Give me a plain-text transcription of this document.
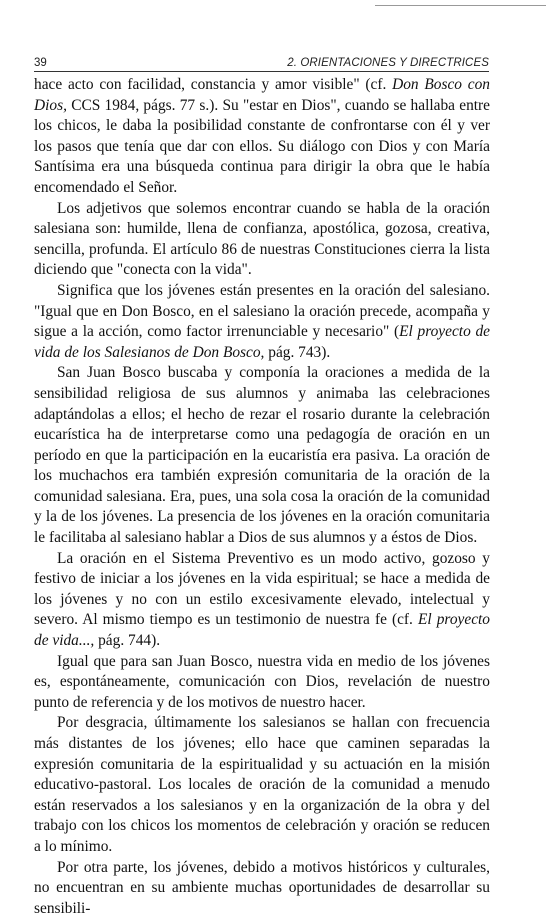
39	2. ORIENTACIONES Y DIRECTRICES

hace acto con facilidad, constancia y amor visible" (cf. Don Bosco con Dios, CCS 1984, págs. 77 s.). Su "estar en Dios", cuando se hallaba entre los chicos, le daba la posibilidad constante de confrontarse con él y ver los pasos que tenía que dar con ellos. Su diálogo con Dios y con María Santísima era una búsqueda continua para dirigir la obra que le había encomendado el Señor.

Los adjetivos que solemos encontrar cuando se habla de la oración salesiana son: humilde, llena de confianza, apostólica, gozosa, creativa, sencilla, profunda. El artículo 86 de nuestras Constituciones cierra la lista diciendo que "conecta con la vida".

Significa que los jóvenes están presentes en la oración del salesiano. "Igual que en Don Bosco, en el salesiano la oración precede, acompaña y sigue a la acción, como factor irrenunciable y necesario" (El proyecto de vida de los Salesianos de Don Bosco, pág. 743).

San Juan Bosco buscaba y componía la oraciones a medida de la sensibilidad religiosa de sus alumnos y animaba las celebraciones adaptándolas a ellos; el hecho de rezar el rosario durante la celebración eucarística ha de interpretarse como una pedagogía de oración en un período en que la participación en la eucaristía era pasiva. La oración de los muchachos era también expresión comunitaria de la oración de la comunidad salesiana. Era, pues, una sola cosa la oración de la comunidad y la de los jóvenes. La presencia de los jóvenes en la oración comunitaria le facilitaba al salesiano hablar a Dios de sus alumnos y a éstos de Dios.

La oración en el Sistema Preventivo es un modo activo, gozoso y festivo de iniciar a los jóvenes en la vida espiritual; se hace a medida de los jóvenes y no con un estilo excesivamente elevado, intelectual y severo. Al mismo tiempo es un testimonio de nuestra fe (cf. El proyecto de vida..., pág. 744).

Igual que para san Juan Bosco, nuestra vida en medio de los jóvenes es, espontáneamente, comunicación con Dios, revelación de nuestro punto de referencia y de los motivos de nuestro hacer.

Por desgracia, últimamente los salesianos se hallan con frecuencia más distantes de los jóvenes; ello hace que caminen separadas la expresión comunitaria de la espiritualidad y su actuación en la misión educativo-pastoral. Los locales de oración de la comunidad a menudo están reservados a los salesianos y en la organización de la obra y del trabajo con los chicos los momentos de celebración y oración se reducen a lo mínimo.

Por otra parte, los jóvenes, debido a motivos históricos y culturales, no encuentran en su ambiente muchas oportunidades de desarrollar su sensibili-
